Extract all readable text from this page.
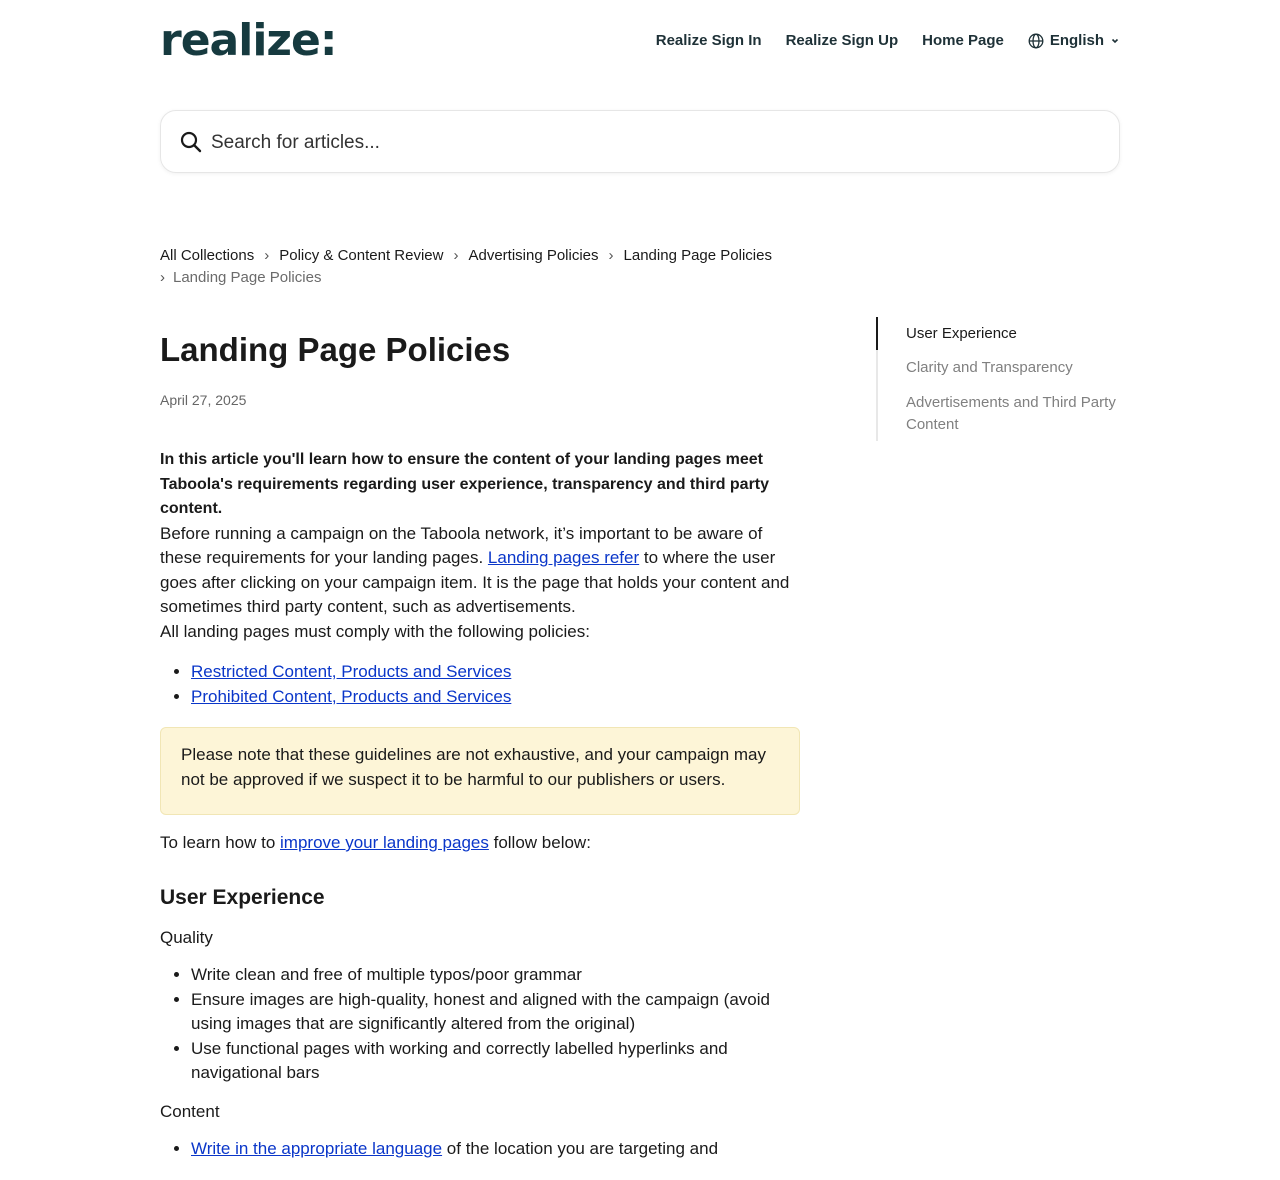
realize:	Realize Sign In Realize Sign Up Home Page	English
Search for articles...
All Collections › Policy & Content Review › Advertising Policies › Landing Page Policies
› Landing Page Policies
Landing Page Policies
April 27, 2025
In this article you'll learn how to ensure the content of your landing pages meet Taboola's requirements regarding user experience, transparency and third party content.
Before running a campaign on the Taboola network, it’s important to be aware of these requirements for your landing pages. Landing pages refer to where the user goes after clicking on your campaign item. It is the page that holds your content and sometimes third party content, such as advertisements.
All landing pages must comply with the following policies:
• Restricted Content, Products and Services
• Prohibited Content, Products and Services
Please note that these guidelines are not exhaustive, and your campaign may not be approved if we suspect it to be harmful to our publishers or users.
To learn how to improve your landing pages follow below:
User Experience
Quality
• Write clean and free of multiple typos/poor grammar
• Ensure images are high-quality, honest and aligned with the campaign (avoid using images that are significantly altered from the original)
• Use functional pages with working and correctly labelled hyperlinks and navigational bars
Content
• Write in the appropriate language of the location you are targeting and
User Experience
Clarity and Transparency
Advertisements and Third Party Content
